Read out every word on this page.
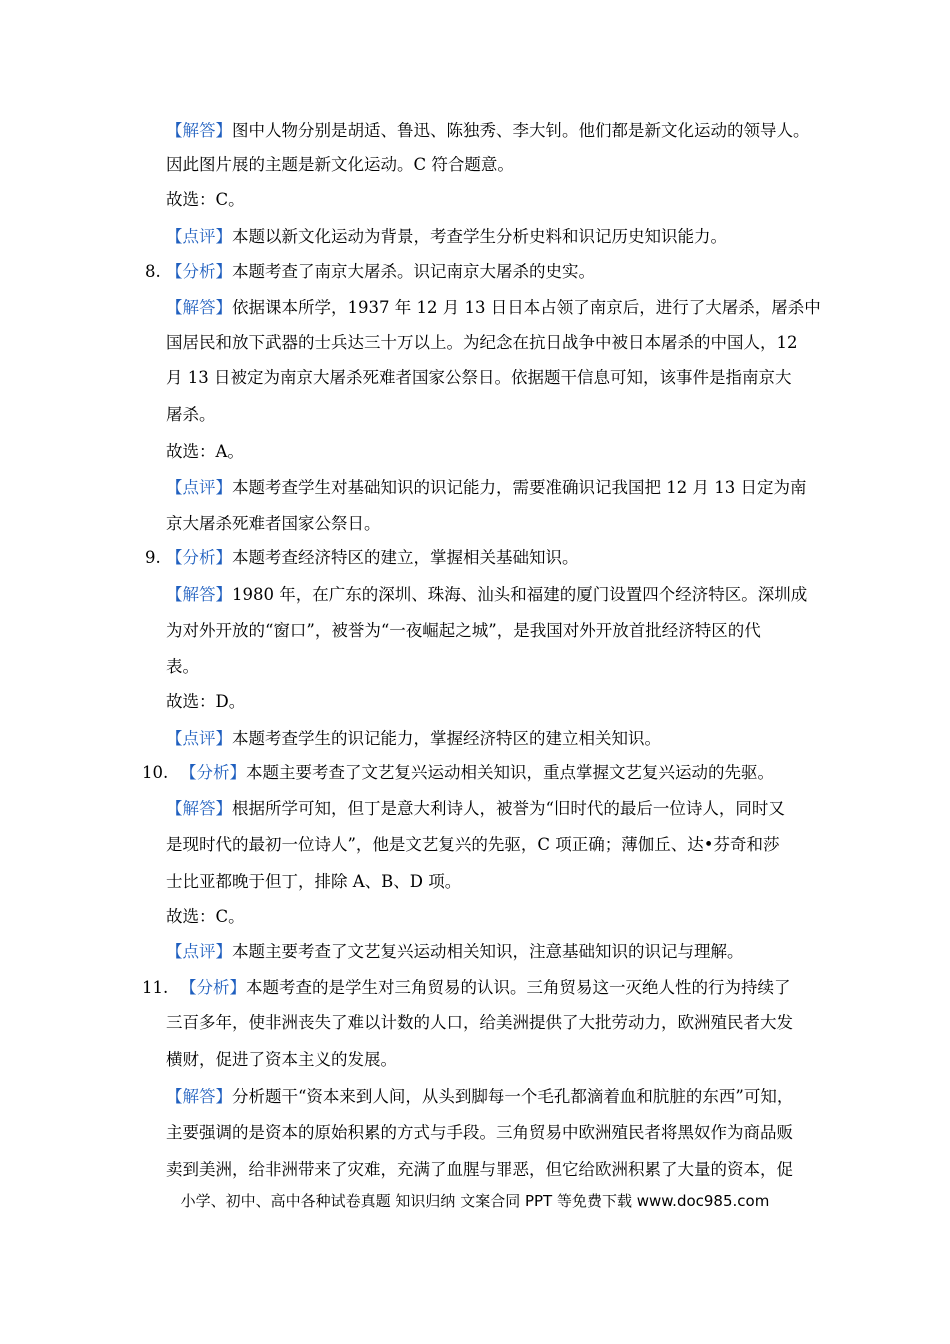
【解答】图中人物分别是胡适、鲁迅、陈独秀、李大钊。他们都是新文化运动的领导人。
因此图片展的主题是新文化运动。C 符合题意。
故选：C。
【点评】本题以新文化运动为背景，考查学生分析史料和识记历史知识能力。
8. 【分析】本题考查了南京大屠杀。识记南京大屠杀的史实。
【解答】依据课本所学，1937 年 12 月 13 日日本占领了南京后，进行了大屠杀，屠杀中
国居民和放下武器的士兵达三十万以上。为纪念在抗日战争中被日本屠杀的中国人，12
月 13 日被定为南京大屠杀死难者国家公祭日。依据题干信息可知，该事件是指南京大
屠杀。
故选：A。
【点评】本题考查学生对基础知识的识记能力，需要准确识记我国把 12 月 13 日定为南
京大屠杀死难者国家公祭日。
9. 【分析】本题考查经济特区的建立，掌握相关基础知识。
【解答】1980 年，在广东的深圳、珠海、汕头和福建的厦门设置四个经济特区。深圳成
为对外开放的“窗口”，被誉为“一夜崛起之城”，是我国对外开放首批经济特区的代
表。
故选：D。
【点评】本题考查学生的识记能力，掌握经济特区的建立相关知识。
10. 【分析】本题主要考查了文艺复兴运动相关知识，重点掌握文艺复兴运动的先驱。
【解答】根据所学可知，但丁是意大利诗人，被誉为“旧时代的最后一位诗人，同时又
是现时代的最初一位诗人”，他是文艺复兴的先驱，C 项正确；薄伽丘、达•芬奇和莎
士比亚都晚于但丁，排除 A、B、D 项。
故选：C。
【点评】本题主要考查了文艺复兴运动相关知识，注意基础知识的识记与理解。
11. 【分析】本题考查的是学生对三角贸易的认识。三角贸易这一灭绝人性的行为持续了
三百多年，使非洲丧失了难以计数的人口，给美洲提供了大批劳动力，欧洲殖民者大发
横财，促进了资本主义的发展。
【解答】分析题干“资本来到人间，从头到脚每一个毛孔都滴着血和肮脏的东西”可知，
主要强调的是资本的原始积累的方式与手段。三角贸易中欧洲殖民者将黑奴作为商品贩
卖到美洲，给非洲带来了灾难，充满了血腥与罪恶，但它给欧洲积累了大量的资本，促
小学、初中、高中各种试卷真题 知识归纳 文案合同 PPT 等免费下载 www.doc985.com
